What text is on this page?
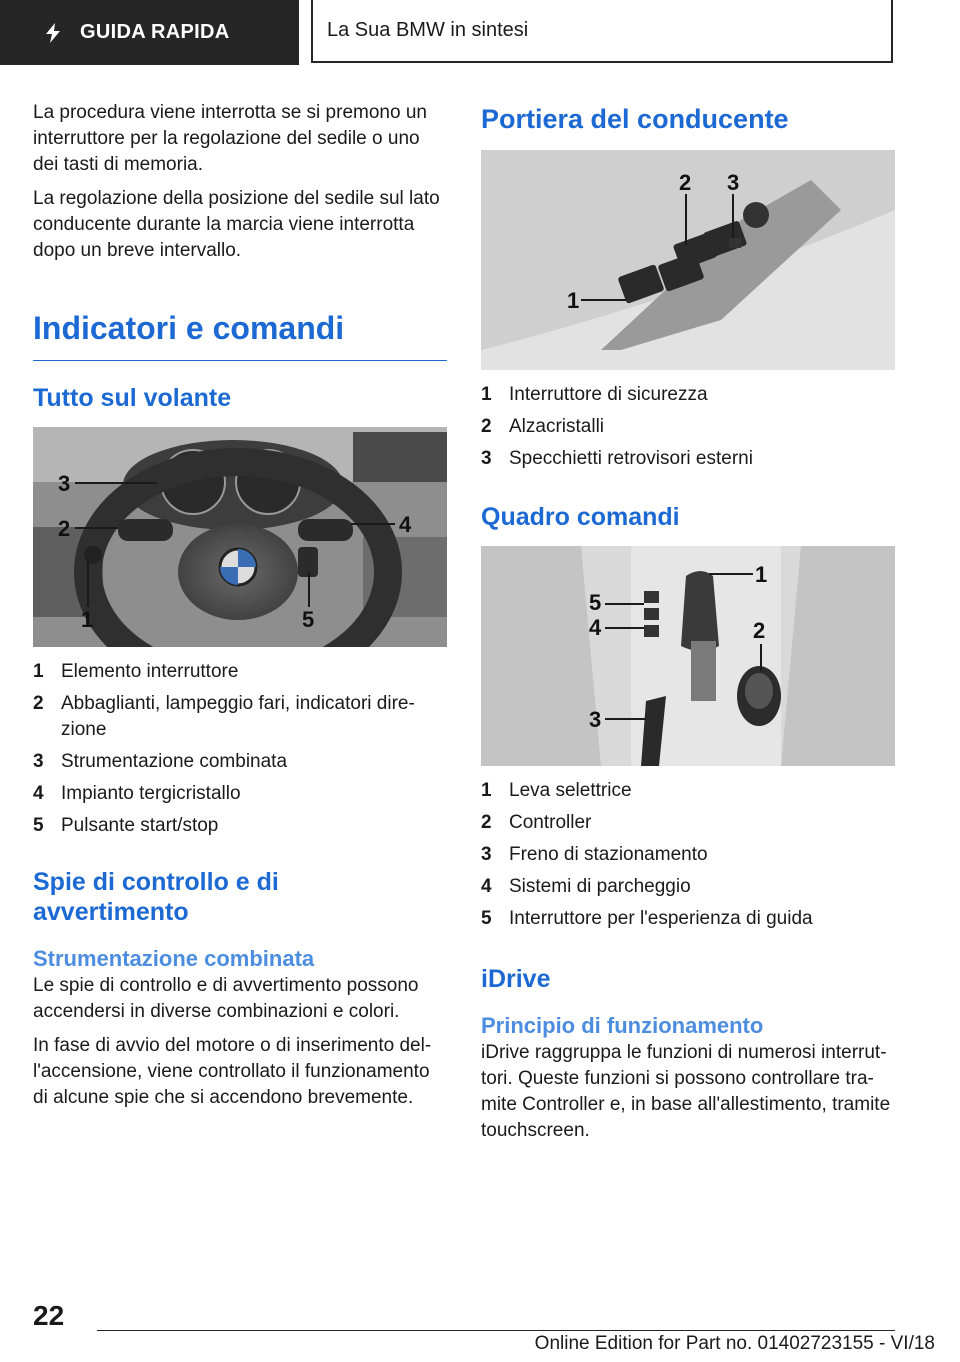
GUIDA RAPIDA	La Sua BMW in sintesi

La procedura viene interrotta se si premono un interruttore per la regolazione del sedile o uno dei tasti di memoria.

La regolazione della posizione del sedile sul lato conducente durante la marcia viene interrotta dopo un breve intervallo.

Indicatori e comandi
Tutto sul volante
3
2	4
1	5
1 Elemento interruttore
2 Abbaglianti, lampeggio fari, indicatori dire-zione
3 Strumentazione combinata
4 Impianto tergicristallo
5 Pulsante start/stop
Spie di controllo e di avvertimento
Strumentazione combinata

Le spie di controllo e di avvertimento possono accendersi in diverse combinazioni e colori.

In fase di avvio del motore o di inserimento del-l'accensione, viene controllato il funzionamento di alcune spie che si accendono brevemente.

Portiera del conducente
2 3
1
1 Interruttore di sicurezza
2 Alzacristalli
3 Specchietti retrovisori esterni
Quadro comandi
1
5
4	2
3
1 Leva selettrice
2 Controller
3 Freno di stazionamento
4 Sistemi di parcheggio
5 Interruttore per l'esperienza di guida
iDrive
Principio di funzionamento

iDrive raggruppa le funzioni di numerosi interrut-tori. Queste funzioni si possono controllare tra-mite Controller e, in base all'allestimento, tramite touchscreen.

22
Online Edition for Part no. 01402723155 - VI/18
